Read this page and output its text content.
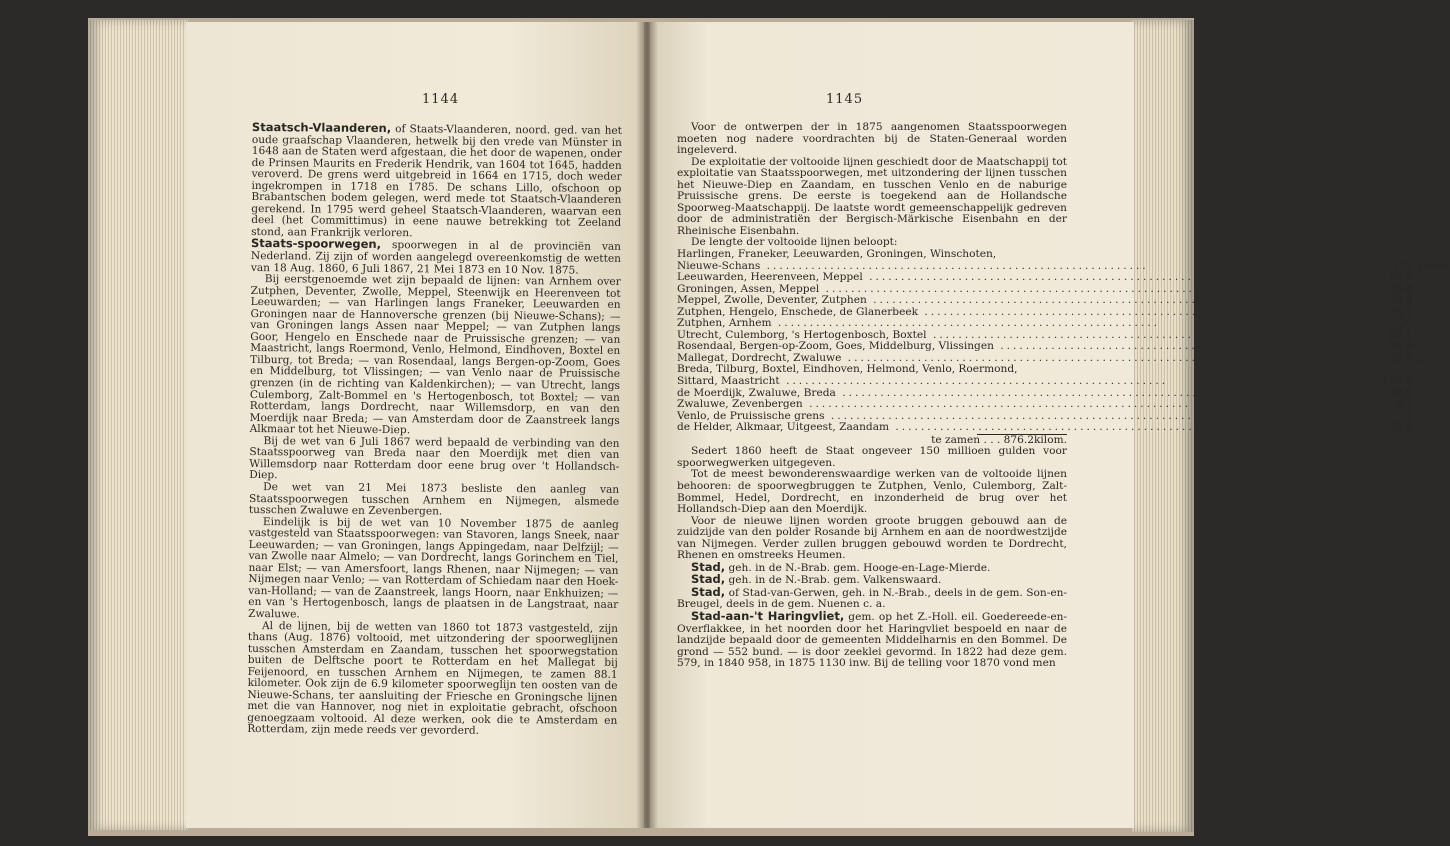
1144

Staatsch-Vlaanderen, of Staats-Vlaanderen, noord. ged. van het oude graafschap Vlaanderen, hetwelk bij den vrede van Münster in 1648 aan de Staten werd afgestaan, die het door de wapenen, onder de Prinsen Maurits en Frederik Hendrik, van 1604 tot 1645, hadden veroverd. De grens werd uitgebreid in 1664 en 1715, doch weder ingekrompen in 1718 en 1785. De schans Lillo, ofschoon op Brabantschen bodem gelegen, werd mede tot Staatsch-Vlaanderen gerekend. In 1795 werd geheel Staatsch-Vlaanderen, waarvan een deel (het Committimus) in eene nauwe betrekking tot Zeeland stond, aan Frankrijk verloren.

Staats-spoorwegen, spoorwegen in al de provinciën van Nederland. Zij zijn of worden aangelegd overeenkomstig de wetten van 18 Aug. 1860, 6 Juli 1867, 21 Mei 1873 en 10 Nov. 1875.

Bij eerstgenoemde wet zijn bepaald de lijnen: van Arnhem over Zutphen, Deventer, Zwolle, Meppel, Steenwijk en Heerenveen tot Leeuwarden; — van Harlingen langs Franeker, Leeuwarden en Groningen naar de Hannoversche grenzen (bij Nieuwe-Schans); — van Groningen langs Assen naar Meppel; — van Zutphen langs Goor, Hengelo en Enschede naar de Pruissische grenzen; — van Maastricht, langs Roermond, Venlo, Helmond, Eindhoven, Boxtel en Tilburg, tot Breda; — van Rosendaal, langs Bergen-op-Zoom, Goes en Middelburg, tot Vlissingen; — van Venlo naar de Pruissische grenzen (in de richting van Kaldenkirchen); — van Utrecht, langs Culemborg, Zalt-Bommel en 's Hertogenbosch, tot Boxtel; — van Rotterdam, langs Dordrecht, naar Willemsdorp, en van den Moerdijk naar Breda; — van Amsterdam door de Zaanstreek langs Alkmaar tot het Nieuwe-Diep.

Bij de wet van 6 Juli 1867 werd bepaald de verbinding van den Staatsspoorweg van Breda naar den Moerdijk met dien van Willemsdorp naar Rotterdam door eene brug over 't Hollandsch-Diep.

De wet van 21 Mei 1873 besliste den aanleg van Staatsspoorwegen tusschen Arnhem en Nijmegen, alsmede tusschen Zwaluwe en Zevenbergen.

Eindelijk is bij de wet van 10 November 1875 de aanleg vastgesteld van Staatsspoorwegen: van Stavoren, langs Sneek, naar Leeuwarden; — van Groningen, langs Appingedam, naar Delfzijl; — van Zwolle naar Almelo; — van Dordrecht, langs Gorinchem en Tiel, naar Elst; — van Amersfoort, langs Rhenen, naar Nijmegen; — van Nijmegen naar Venlo; — van Rotterdam of Schiedam naar den Hoek-van-Holland; — van de Zaanstreek, langs Hoorn, naar Enkhuizen; — en van 's Hertogenbosch, langs de plaatsen in de Langstraat, naar Zwaluwe.

Al de lijnen, bij de wetten van 1860 tot 1873 vastgesteld, zijn thans (Aug. 1876) voltooid, met uitzondering der spoorweglijnen tusschen Amsterdam en Zaandam, tusschen het spoorwegstation buiten de Delftsche poort te Rotterdam en het Mallegat bij Feijenoord, en tusschen Arnhem en Nijmegen, te zamen 88.1 kilometer. Ook zijn de 6.9 kilometer spoorweglijn ten oosten van de Nieuwe-Schans, ter aansluiting der Friesche en Groningsche lijnen met die van Hannover, nog niet in exploitatie gebracht, ofschoon genoegzaam voltooid. Al deze werken, ook die te Amsterdam en Rotterdam, zijn mede reeds ver gevorderd.

1145

Voor de ontwerpen der in 1875 aangenomen Staatsspoorwegen moeten nog nadere voordrachten bij de Staten-Generaal worden ingeleverd.

De exploitatie der voltooide lijnen geschiedt door de Maatschappij tot exploitatie van Staatsspoorwegen, met uitzondering der lijnen tusschen het Nieuwe-Diep en Zaandam, en tusschen Venlo en de naburige Pruissische grens. De eerste is toegekend aan de Hollandsche Spoorweg-Maatschappij. De laatste wordt gemeenschappelijk gedreven door de administratiën der Bergisch-Märkische Eisenbahn en der Rheinische Eisenbahn.

De lengte der voltooide lijnen beloopt:

Harlingen, Franeker, Leeuwarden, Groningen, Winschoten,		
Nieuwe-Schans ............................................................	127	kilom.
Leeuwarden, Heerenveen, Meppel ............................................................	65.9	„
Groningen, Assen, Meppel ............................................................	76.8	„
Meppel, Zwolle, Deventer, Zutphen ............................................................	73.3	„
Zutphen, Hengelo, Enschede, de Glanerbeek ............................................................	59.7	„
Zutphen, Arnhem ............................................................	30	„
Utrecht, Culemborg, 's Hertogenbosch, Boxtel ............................................................	60.1	„
Rosendaal, Bergen-op-Zoom, Goes, Middelburg, Vlissingen ............................................................	74.8	„
Mallegat, Dordrecht, Zwaluwe ............................................................	29.6	„
Breda, Tilburg, Boxtel, Eindhoven, Helmond, Venlo, Roermond,		
Sittard, Maastricht ............................................................	179.9	„
de Moerdijk, Zwaluwe, Breda ............................................................	18.5	„
Zwaluwe, Zevenbergen ............................................................	6.7	„
Venlo, de Pruissische grens ............................................................	3	„
de Helder, Alkmaar, Uitgeest, Zaandam ............................................................	70.9	„
te zamen . . . 876.2kilom.

Sedert 1860 heeft de Staat ongeveer 150 millioen gulden voor spoorwegwerken uitgegeven.

Tot de meest bewonderenswaardige werken van de voltooide lijnen behooren: de spoorwegbruggen te Zutphen, Venlo, Culemborg, Zalt-Bommel, Hedel, Dordrecht, en inzonderheid de brug over het Hollandsch-Diep aan den Moerdijk.

Voor de nieuwe lijnen worden groote bruggen gebouwd aan de zuidzijde van den polder Rosande bij Arnhem en aan de noordwestzijde van Nijmegen. Verder zullen bruggen gebouwd worden te Dordrecht, Rhenen en omstreeks Heumen.

Stad, geh. in de N.-Brab. gem. Hooge-en-Lage-Mierde.

Stad, geh. in de N.-Brab. gem. Valkenswaard.

Stad, of Stad-van-Gerwen, geh. in N.-Brab., deels in de gem. Son-en-Breugel, deels in de gem. Nuenen c. a.

Stad-aan-'t Haringvliet, gem. op het Z.-Holl. eil. Goedereede-en-Overflakkee, in het noorden door het Haringvliet bespoeld en naar de landzijde bepaald door de gemeenten Middelharnis en den Bommel. De grond — 552 bund. — is door zeeklei gevormd. In 1822 had deze gem. 579, in 1840 958, in 1875 1130 inw. Bij de telling voor 1870 vond men
